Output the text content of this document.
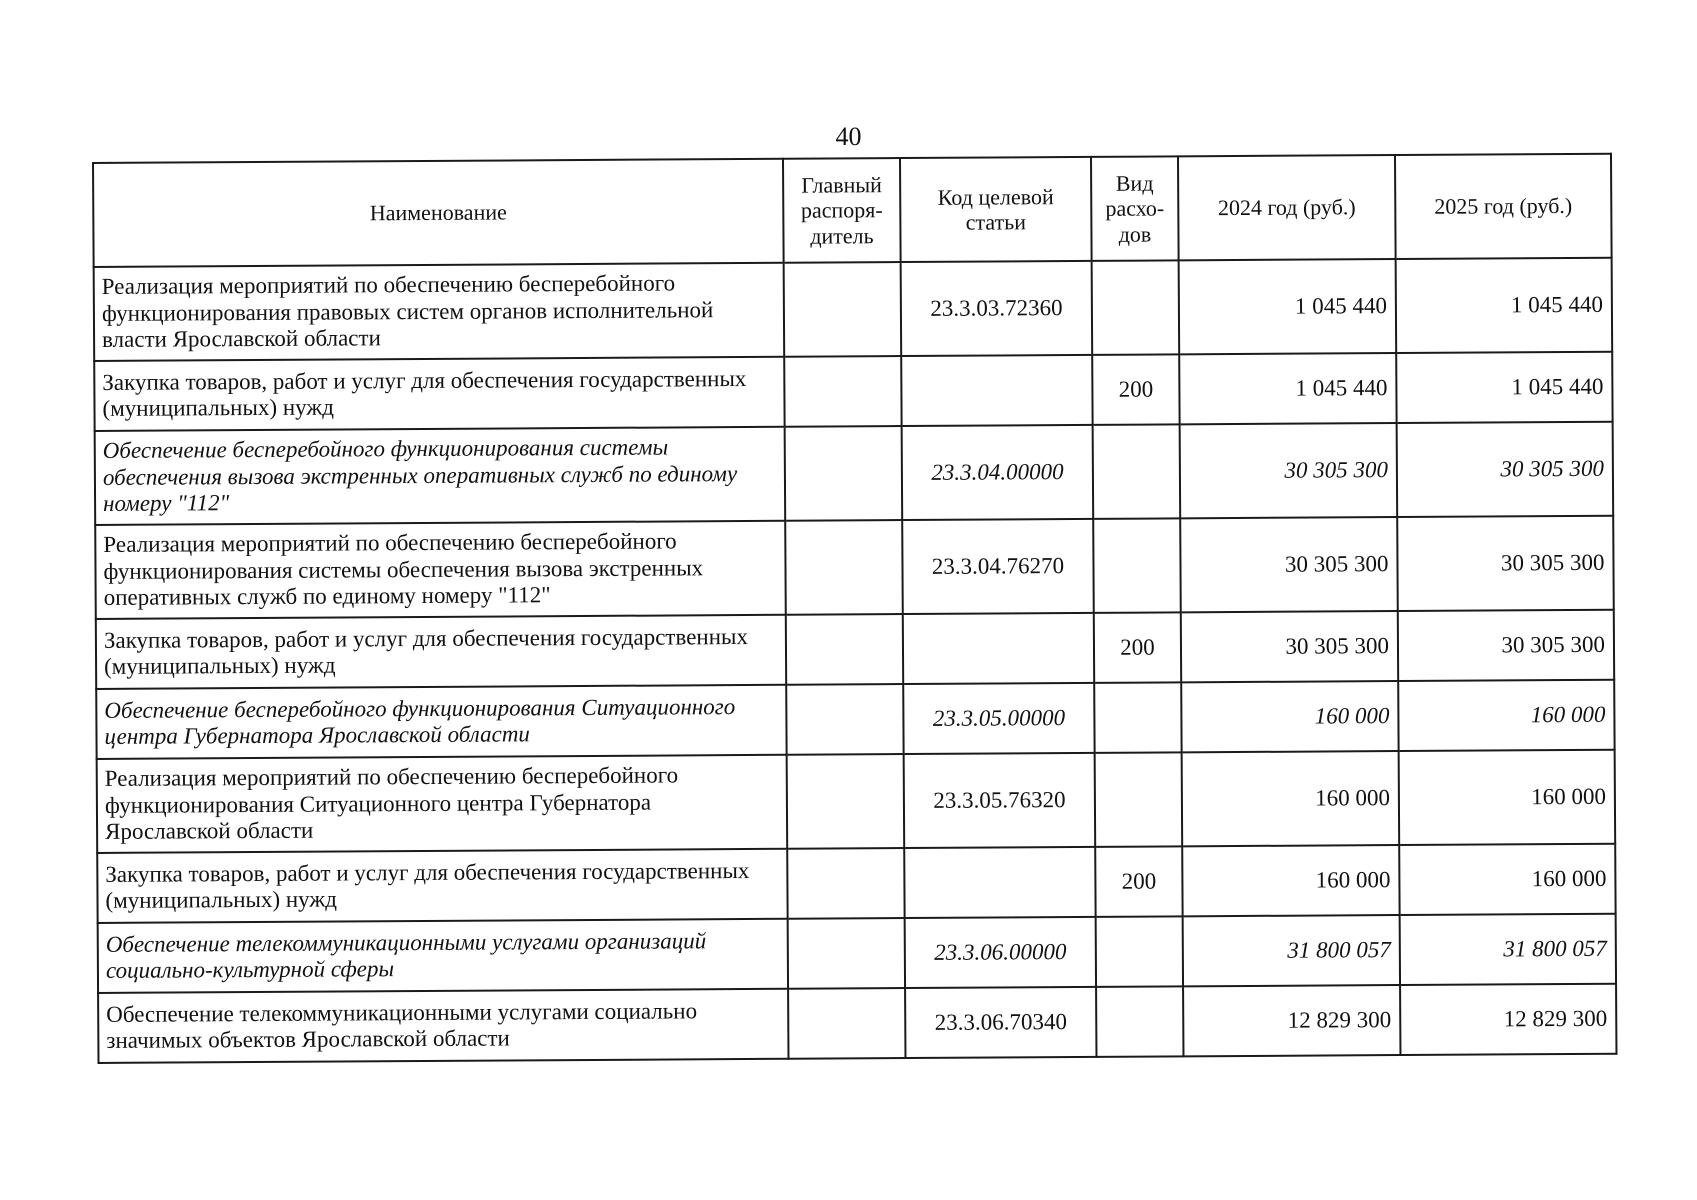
40
Наименование	Главный распоря- дитель	Код целевой статьи	Вид расхо- дов	2024 год (руб.)	2025 год (руб.)
Реализация мероприятий по обеспечению бесперебойного функционирования правовых систем органов исполнительной власти Ярославской области		23.3.03.72360		1 045 440	1 045 440
Закупка товаров, работ и услуг для обеспечения государственных (муниципальных) нужд			200	1 045 440	1 045 440
Обеспечение бесперебойного функционирования системы обеспечения вызова экстренных оперативных служб по единому номеру "112"		23.3.04.00000		30 305 300	30 305 300
Реализация мероприятий по обеспечению бесперебойного функционирования системы обеспечения вызова экстренных оперативных служб по единому номеру "112"		23.3.04.76270		30 305 300	30 305 300
Закупка товаров, работ и услуг для обеспечения государственных (муниципальных) нужд			200	30 305 300	30 305 300
Обеспечение бесперебойного функционирования Ситуационного центра Губернатора Ярославской области		23.3.05.00000		160 000	160 000
Реализация мероприятий по обеспечению бесперебойного функционирования Ситуационного центра Губернатора Ярославской области		23.3.05.76320		160 000	160 000
Закупка товаров, работ и услуг для обеспечения государственных (муниципальных) нужд			200	160 000	160 000
Обеспечение телекоммуникационными услугами организаций социально-культурной сферы		23.3.06.00000		31 800 057	31 800 057
Обеспечение телекоммуникационными услугами социально значимых объектов Ярославской области		23.3.06.70340		12 829 300	12 829 300
